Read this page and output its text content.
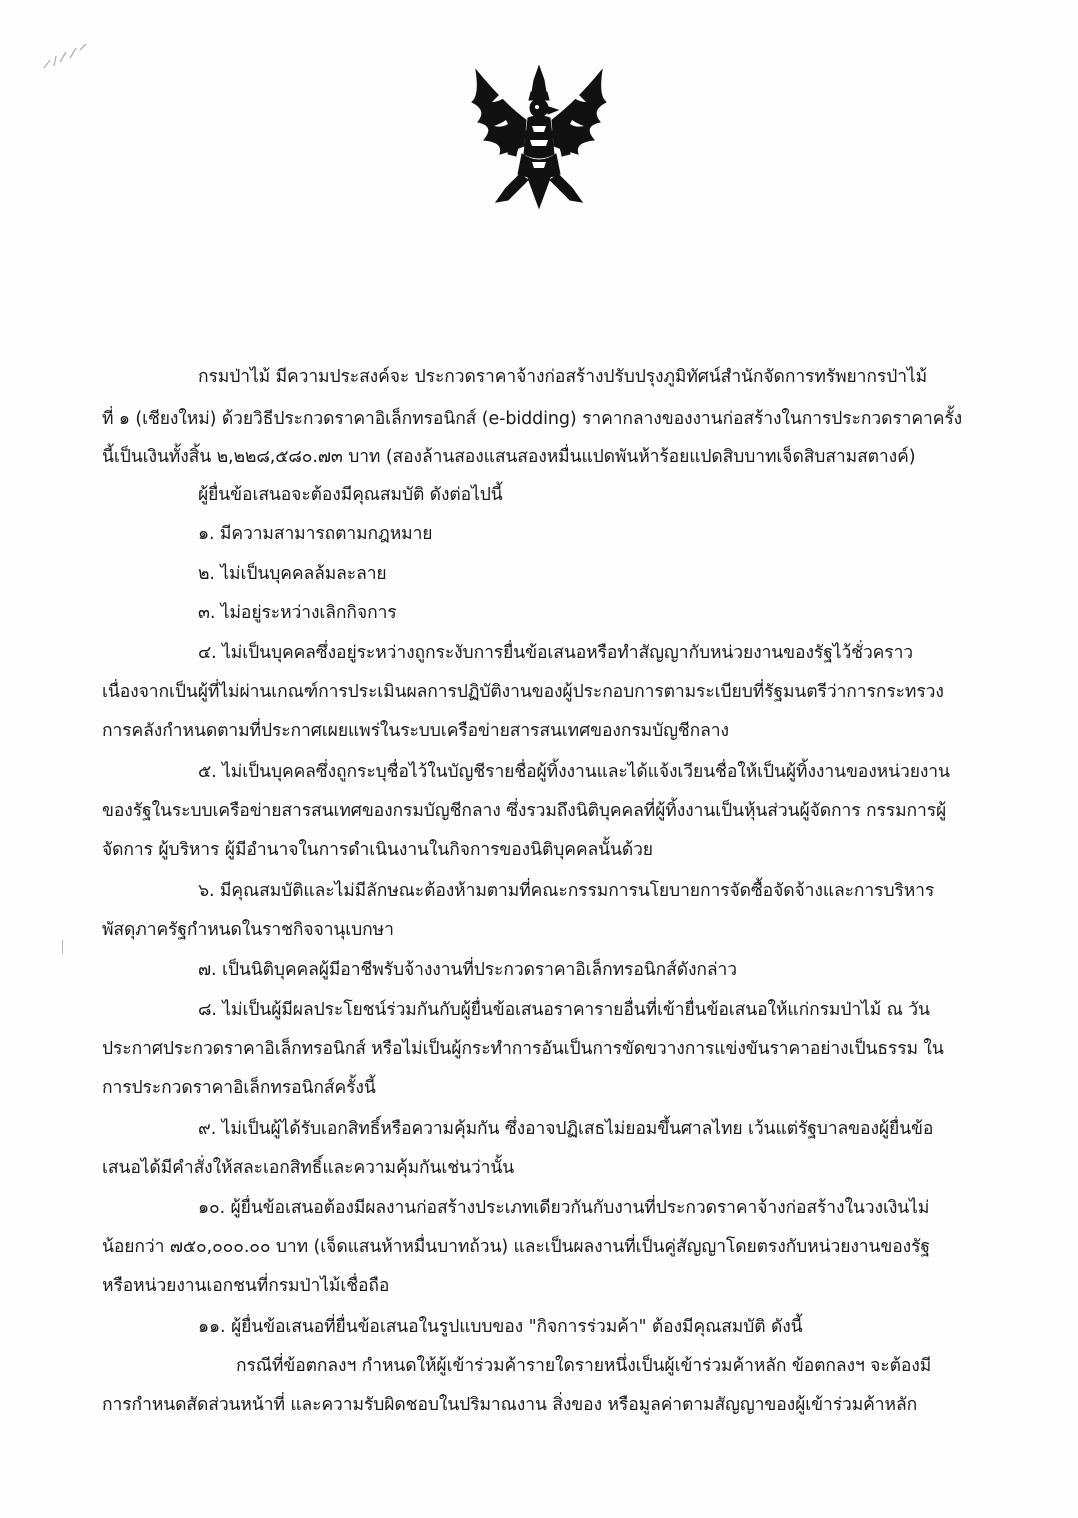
กรมป่าไม้ มีความประสงค์จะ ประกวดราคาจ้างก่อสร้างปรับปรุงภูมิทัศน์สำนักจัดการทรัพยากรป่าไม้
ที่ ๑ (เชียงใหม่) ด้วยวิธีประกวดราคาอิเล็กทรอนิกส์ (e-bidding) ราคากลางของงานก่อสร้างในการประกวดราคาครั้ง
นี้เป็นเงินทั้งสิ้น ๒,๒๒๘,๕๘๐.๗๓ บาท (สองล้านสองแสนสองหมื่นแปดพันห้าร้อยแปดสิบบาทเจ็ดสิบสามสตางค์)
ผู้ยื่นข้อเสนอจะต้องมีคุณสมบัติ ดังต่อไปนี้
๑. มีความสามารถตามกฎหมาย
๒. ไม่เป็นบุคคลล้มละลาย
๓. ไม่อยู่ระหว่างเลิกกิจการ
๔. ไม่เป็นบุคคลซึ่งอยู่ระหว่างถูกระงับการยื่นข้อเสนอหรือทำสัญญากับหน่วยงานของรัฐไว้ชั่วคราว
เนื่องจากเป็นผู้ที่ไม่ผ่านเกณฑ์การประเมินผลการปฏิบัติงานของผู้ประกอบการตามระเบียบที่รัฐมนตรีว่าการกระทรวง
การคลังกำหนดตามที่ประกาศเผยแพร่ในระบบเครือข่ายสารสนเทศของกรมบัญชีกลาง
๕. ไม่เป็นบุคคลซึ่งถูกระบุชื่อไว้ในบัญชีรายชื่อผู้ทิ้งงานและได้แจ้งเวียนชื่อให้เป็นผู้ทิ้งงานของหน่วยงาน
ของรัฐในระบบเครือข่ายสารสนเทศของกรมบัญชีกลาง ซึ่งรวมถึงนิติบุคคลที่ผู้ทิ้งงานเป็นหุ้นส่วนผู้จัดการ กรรมการผู้
จัดการ ผู้บริหาร ผู้มีอำนาจในการดำเนินงานในกิจการของนิติบุคคลนั้นด้วย
๖. มีคุณสมบัติและไม่มีลักษณะต้องห้ามตามที่คณะกรรมการนโยบายการจัดซื้อจัดจ้างและการบริหาร
พัสดุภาครัฐกำหนดในราชกิจจานุเบกษา
๗. เป็นนิติบุคคลผู้มีอาชีพรับจ้างงานที่ประกวดราคาอิเล็กทรอนิกส์ดังกล่าว
๘. ไม่เป็นผู้มีผลประโยชน์ร่วมกันกับผู้ยื่นข้อเสนอราคารายอื่นที่เข้ายื่นข้อเสนอให้แก่กรมป่าไม้ ณ วัน
ประกาศประกวดราคาอิเล็กทรอนิกส์ หรือไม่เป็นผู้กระทำการอันเป็นการขัดขวางการแข่งขันราคาอย่างเป็นธรรม ใน
การประกวดราคาอิเล็กทรอนิกส์ครั้งนี้
๙. ไม่เป็นผู้ได้รับเอกสิทธิ์หรือความคุ้มกัน ซึ่งอาจปฏิเสธไม่ยอมขึ้นศาลไทย เว้นแต่รัฐบาลของผู้ยื่นข้อ
เสนอได้มีคำสั่งให้สละเอกสิทธิ์และความคุ้มกันเช่นว่านั้น
๑๐. ผู้ยื่นข้อเสนอต้องมีผลงานก่อสร้างประเภทเดียวกันกับงานที่ประกวดราคาจ้างก่อสร้างในวงเงินไม่
น้อยกว่า ๗๕๐,๐๐๐.๐๐ บาท (เจ็ดแสนห้าหมื่นบาทถ้วน) และเป็นผลงานที่เป็นคู่สัญญาโดยตรงกับหน่วยงานของรัฐ
หรือหน่วยงานเอกชนที่กรมป่าไม้เชื่อถือ
๑๑. ผู้ยื่นข้อเสนอที่ยื่นข้อเสนอในรูปแบบของ "กิจการร่วมค้า" ต้องมีคุณสมบัติ ดังนี้
กรณีที่ข้อตกลงฯ กำหนดให้ผู้เข้าร่วมค้ารายใดรายหนึ่งเป็นผู้เข้าร่วมค้าหลัก ข้อตกลงฯ จะต้องมี
การกำหนดสัดส่วนหน้าที่ และความรับผิดชอบในปริมาณงาน สิ่งของ หรือมูลค่าตามสัญญาของผู้เข้าร่วมค้าหลัก
